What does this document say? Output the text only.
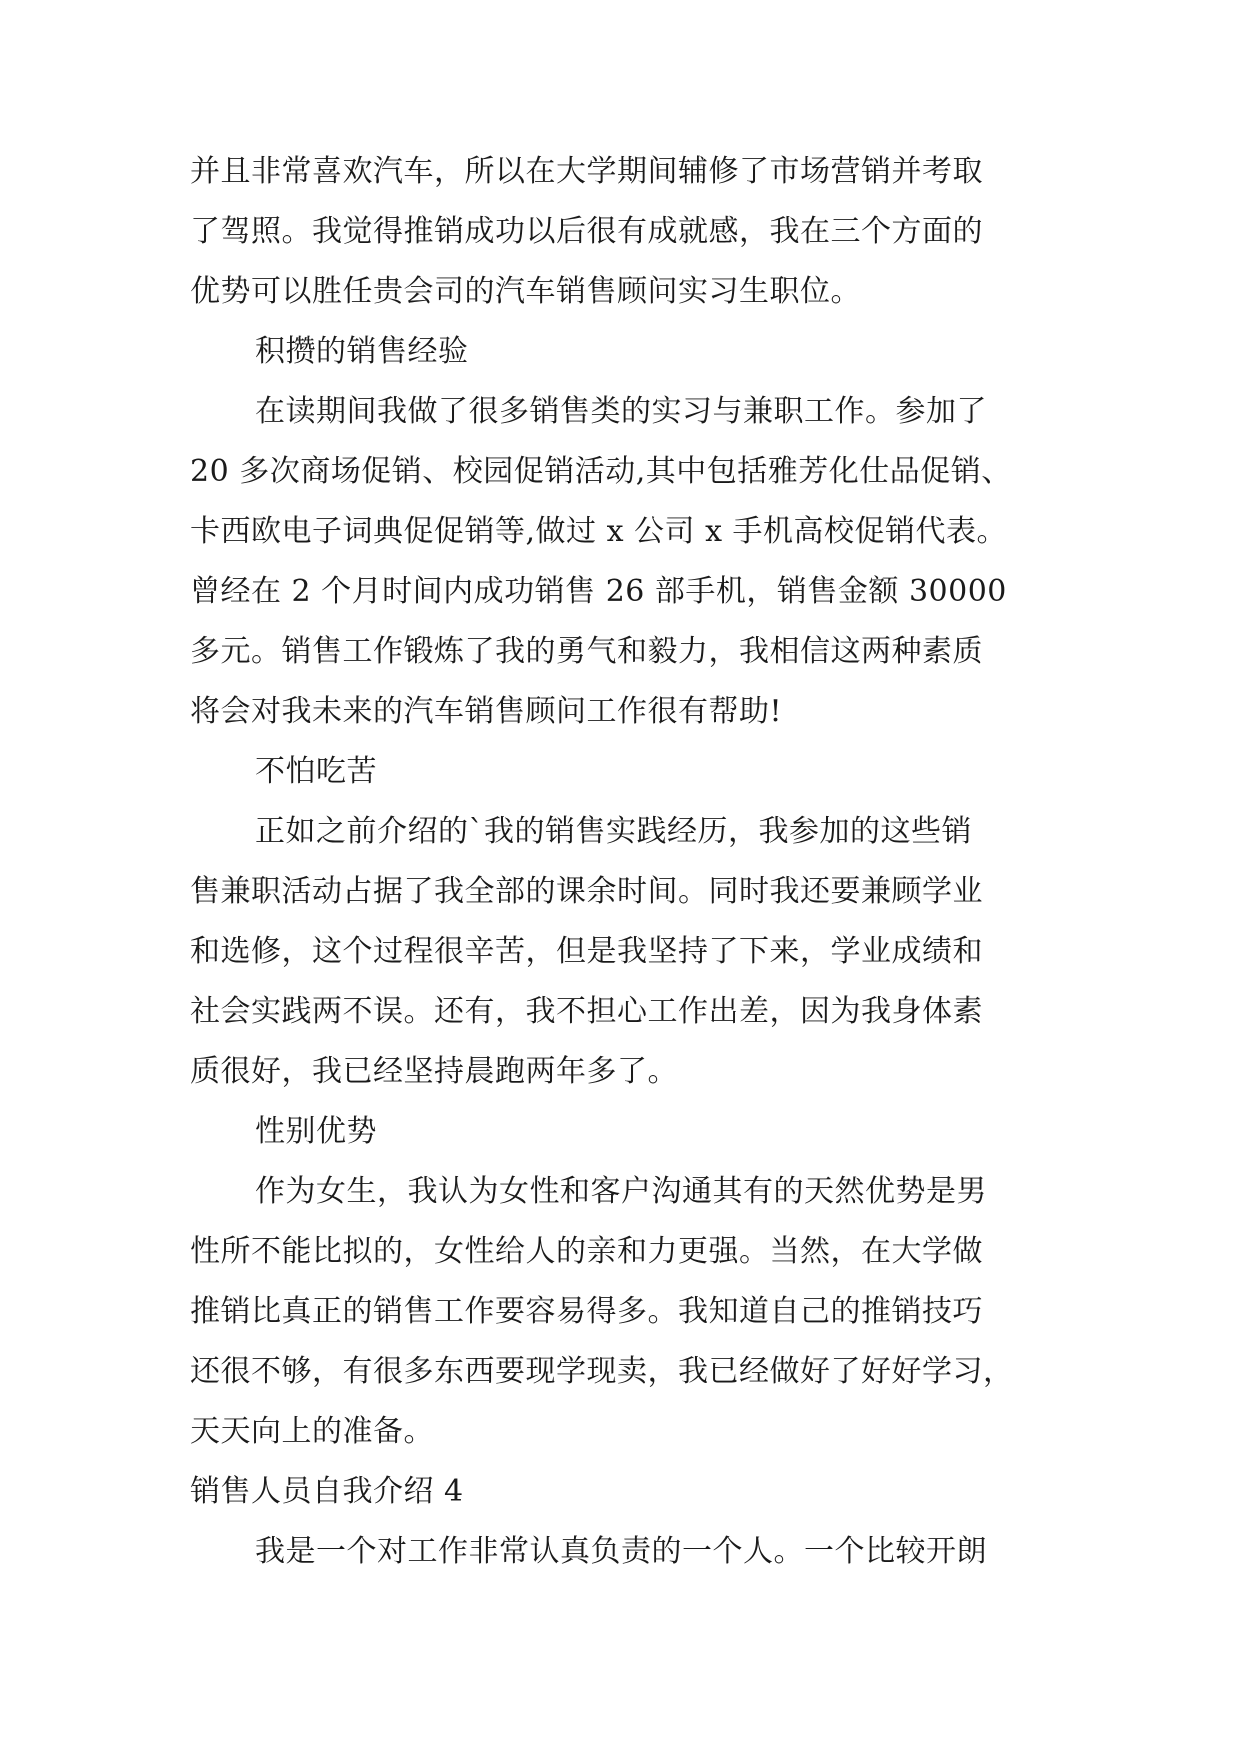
并且非常喜欢汽车，所以在大学期间辅修了市场营销并考取
了驾照。我觉得推销成功以后很有成就感，我在三个方面的
优势可以胜任贵会司的汽车销售顾问实习生职位。
积攒的销售经验
在读期间我做了很多销售类的实习与兼职工作。参加了
20 多次商场促销、校园促销活动,其中包括雅芳化仕品促销、
卡西欧电子词典促促销等,做过 x 公司 x 手机高校促销代表。
曾经在 2 个月时间内成功销售 26 部手机，销售金额 30000
多元。销售工作锻炼了我的勇气和毅力，我相信这两种素质
将会对我未来的汽车销售顾问工作很有帮助!
不怕吃苦
正如之前介绍的`我的销售实践经历，我参加的这些销
售兼职活动占据了我全部的课余时间。同时我还要兼顾学业
和选修，这个过程很辛苦，但是我坚持了下来，学业成绩和
社会实践两不误。还有，我不担心工作出差，因为我身体素
质很好，我已经坚持晨跑两年多了。
性别优势
作为女生，我认为女性和客户沟通其有的天然优势是男
性所不能比拟的，女性给人的亲和力更强。当然，在大学做
推销比真正的销售工作要容易得多。我知道自己的推销技巧
还很不够，有很多东西要现学现卖，我已经做好了好好学习，
天天向上的准备。
销售人员自我介绍 4
我是一个对工作非常认真负责的一个人。一个比较开朗
